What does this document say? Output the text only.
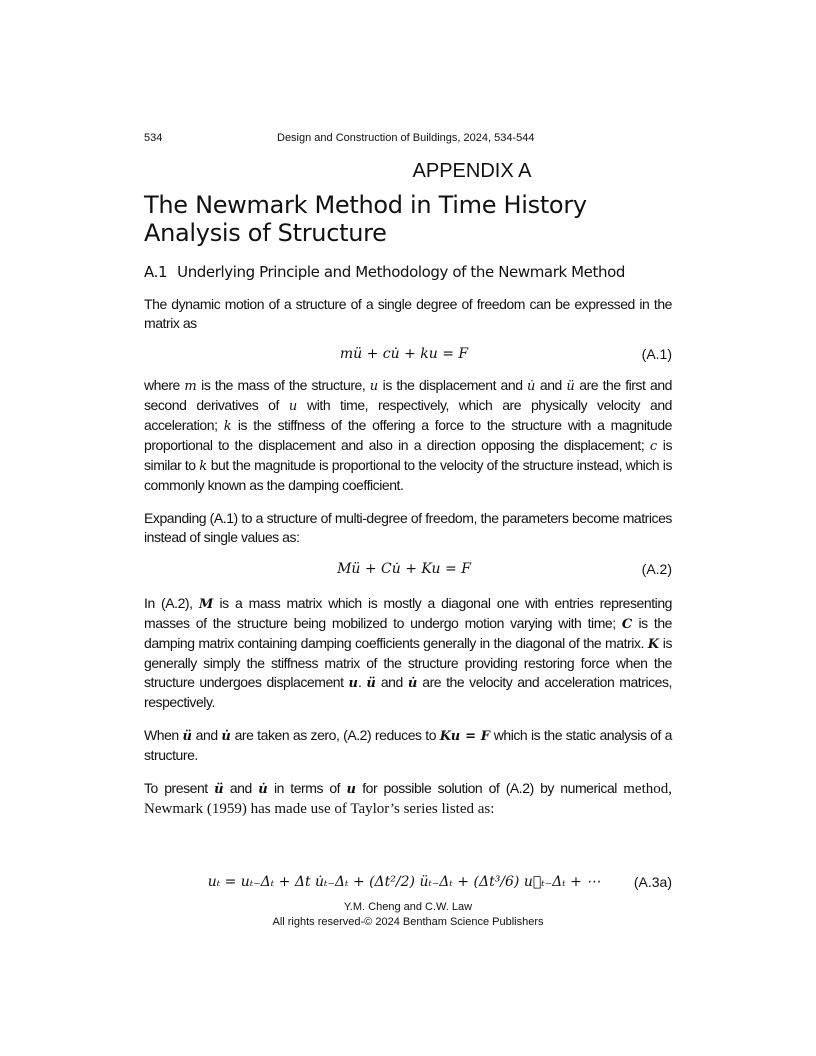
534	Design and Construction of Buildings, 2024, 534-544
APPENDIX A
The Newmark Method in Time History Analysis of Structure
A.1 Underlying Principle and Methodology of the Newmark Method
The dynamic motion of a structure of a single degree of freedom can be expressed in the matrix as
mü + cu̇ + ku = F	(A.1)
where m is the mass of the structure, u is the displacement and u̇ and ü are the first and second derivatives of u with time, respectively, which are physically velocity and acceleration; k is the stiffness of the offering a force to the structure with a magnitude proportional to the displacement and also in a direction opposing the displacement; c is similar to k but the magnitude is proportional to the velocity of the structure instead, which is commonly known as the damping coefficient.
Expanding (A.1) to a structure of multi-degree of freedom, the parameters become matrices instead of single values as:
Mü + Cu̇ + Ku = F	(A.2)
In (A.2), M is a mass matrix which is mostly a diagonal one with entries representing masses of the structure being mobilized to undergo motion varying with time; C is the damping matrix containing damping coefficients generally in the diagonal of the matrix. K is generally simply the stiffness matrix of the structure providing restoring force when the structure undergoes displacement u. ü and u̇ are the velocity and acceleration matrices, respectively.
When ü and u̇ are taken as zero, (A.2) reduces to Ku = F which is the static analysis of a structure.
To present ü and u̇ in terms of u for possible solution of (A.2) by numerical method, Newmark (1959) has made use of Taylor’s series listed as:
uₜ = uₜ₋Δₜ + Δt u̇ₜ₋Δₜ + (Δt²/2) üₜ₋Δₜ + (Δt³/6) u⃛ₜ₋Δₜ + ⋯	(A.3a)
Y.M. Cheng and C.W. Law
All rights reserved-© 2024 Bentham Science Publishers
